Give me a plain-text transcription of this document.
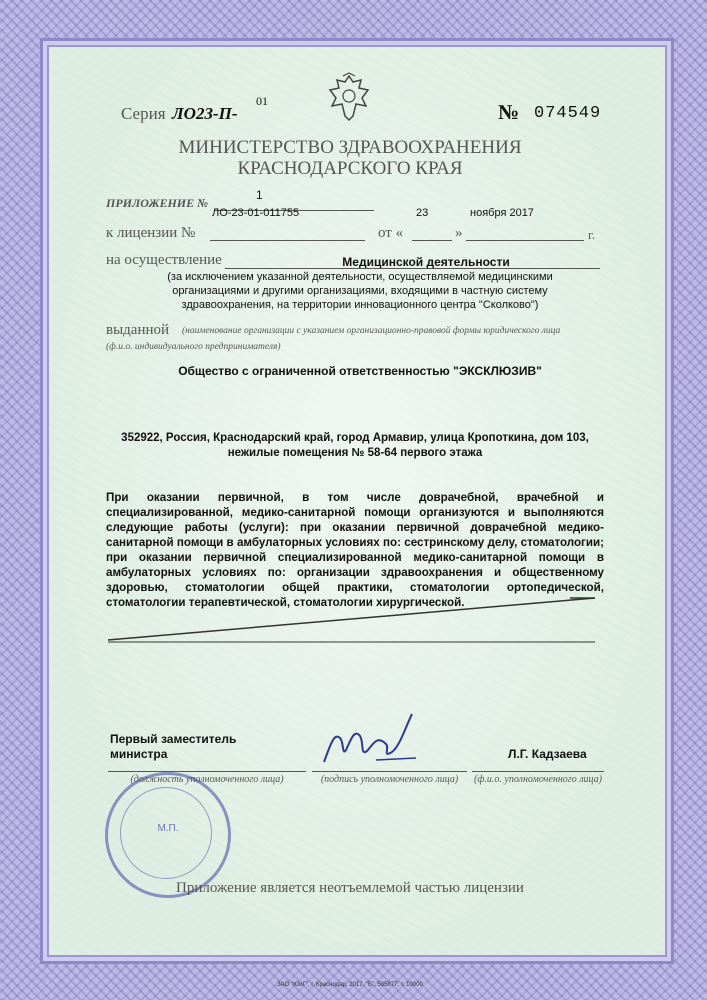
Серия ЛО23-П-
01	№ 074549
МИНИСТЕРСТВО ЗДРАВООХРАНЕНИЯ
КРАСНОДАРСКОГО КРАЯ
ПРИЛОЖЕНИЕ №
1
ЛО-23-01-011755	23	ноября 2017
к лицензии №	от «	»	г.
на осуществление	Медицинской деятельности
(за исключением указанной деятельности, осуществляемой медицинскими
организациями и другими организациями, входящими в частную систему
здравоохранения, на территории инновационного центра "Сколково")
выданной (наименование организации с указанием организационно-правовой формы юридического лица
(ф.и.о. индивидуального предпринимателя)
Общество с ограниченной ответственностью "ЭКСКЛЮЗИВ"
352922, Россия, Краснодарский край, город Армавир, улица Кропоткина, дом 103,
нежилые помещения № 58-64 первого этажа
При оказании первичной, в том числе доврачебной, врачебной и специализированной, медико-санитарной помощи организуются и выполняются следующие работы (услуги): при оказании первичной доврачебной медико-санитарной помощи в амбулаторных условиях по: сестринскому делу, стоматологии; при оказании первичной специализированной медико-санитарной помощи в амбулаторных условиях по: организации здравоохранения и общественному здоровью, стоматологии общей практики, стоматологии ортопедической, стоматологии терапевтической, стоматологии хирургической.
Первый заместитель
министра	Л.Г. Кадзаева
(должность уполномоченного лица)	(подпись уполномоченного лица)	(ф.и.о. уполномоченного лица)
М.П.
Приложение является неотъемлемой частью лицензии
ЗАО "ЮиГ", г. Краснодар, 2017, "Б", 585877, т. 10000
